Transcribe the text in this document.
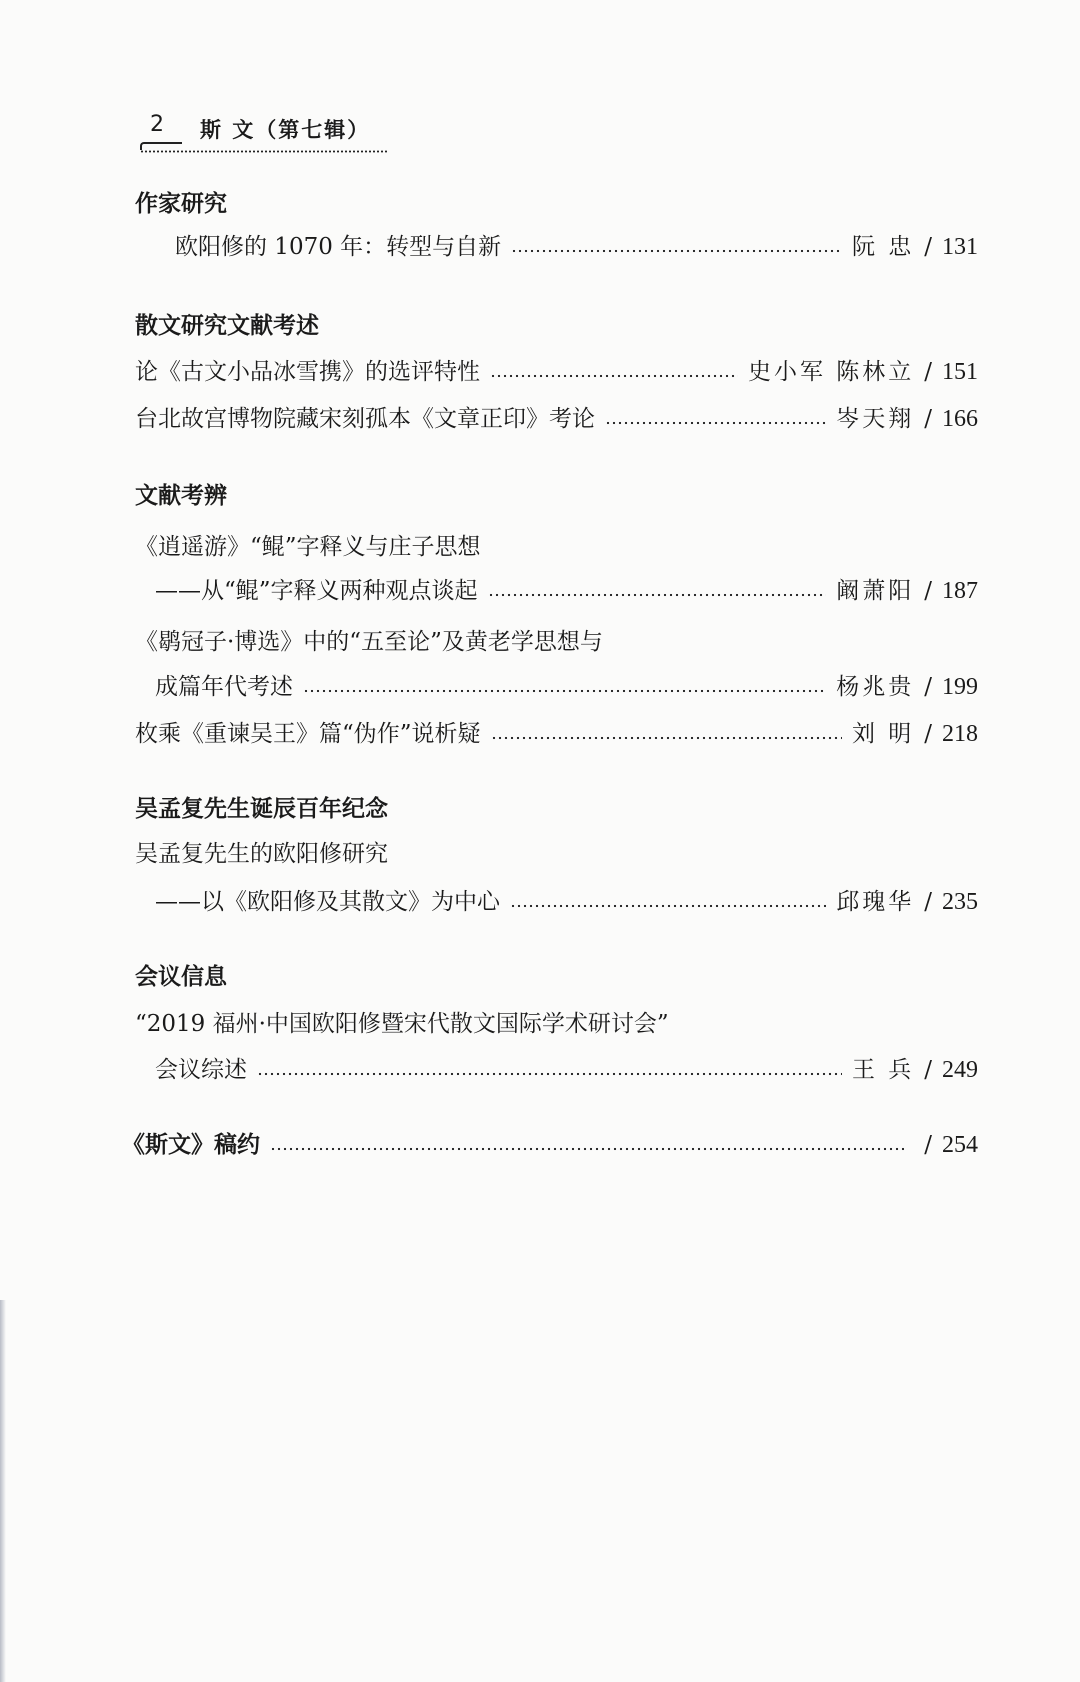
2 斯 文（第七辑）
作家研究
欧阳修的 1070 年：转型与自新	阮 忠 / 131
散文研究文献考述
论《古文小品冰雪携》的选评特性	史小军 陈林立 / 151
台北故宫博物院藏宋刻孤本《文章正印》考论	岑天翔 / 166
文献考辨
《逍遥游》“鲲”字释义与庄子思想
——从“鲲”字释义两种观点谈起	阚萧阳 / 187
《鹖冠子·博选》中的“五至论”及黄老学思想与
成篇年代考述	杨兆贵 / 199
枚乘《重谏吴王》篇“伪作”说析疑	刘 明 / 218
吴孟复先生诞辰百年纪念
吴孟复先生的欧阳修研究
——以《欧阳修及其散文》为中心	邱瑰华 / 235
会议信息
“2019 福州·中国欧阳修暨宋代散文国际学术研讨会”
会议综述	王 兵 / 249
《斯文》稿约	/ 254
